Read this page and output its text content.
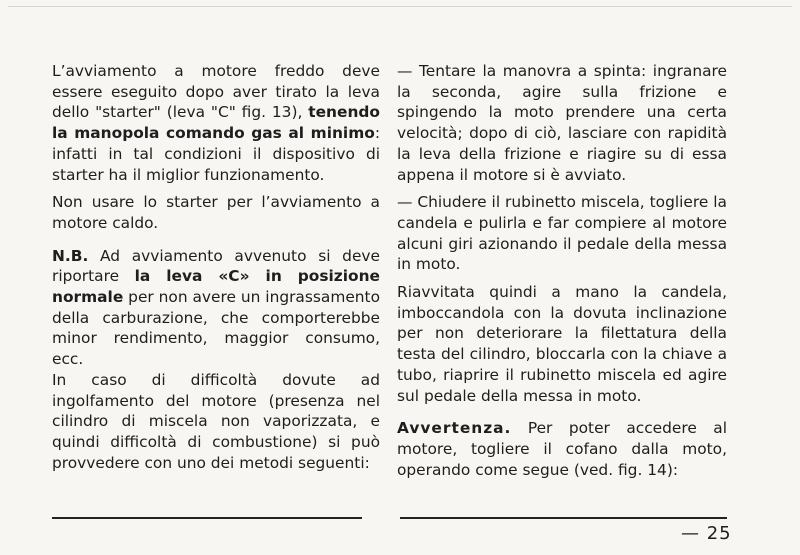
L’avviamento a motore freddo deve essere eseguito dopo aver tirato la leva dello "starter" (leva "C" fig. 13), tenendo la manopola comando gas al minimo: infatti in tal condizioni il dispositivo di starter ha il miglior funzionamento.

Non usare lo starter per l’avviamento a motore caldo.

N.B. Ad avviamento avvenuto si deve riportare la leva «C» in posizione normale per non avere un ingrassamento della carburazione, che comporterebbe minor rendimento, maggior consumo, ecc.

In caso di difficoltà dovute ad ingolfamento del motore (presenza nel cilindro di miscela non vaporizzata, e quindi difficoltà di combustione) si può provvedere con uno dei metodi seguenti:

— Tentare la manovra a spinta: ingranare la seconda, agire sulla frizione e spingendo la moto prendere una certa velocità; dopo di ciò, lasciare con rapidità la leva della frizione e riagire su di essa appena il motore si è avviato.

— Chiudere il rubinetto miscela, togliere la candela e pulirla e far compiere al motore alcuni giri azionando il pedale della messa in moto.

Riavvitata quindi a mano la candela, imboccandola con la dovuta inclinazione per non deteriorare la filettatura della testa del cilindro, bloccarla con la chiave a tubo, riaprire il rubinetto miscela ed agire sul pedale della messa in moto.

Avvertenza. Per poter accedere al motore, togliere il cofano dalla moto, operando come segue (ved. fig. 14):

— 25
